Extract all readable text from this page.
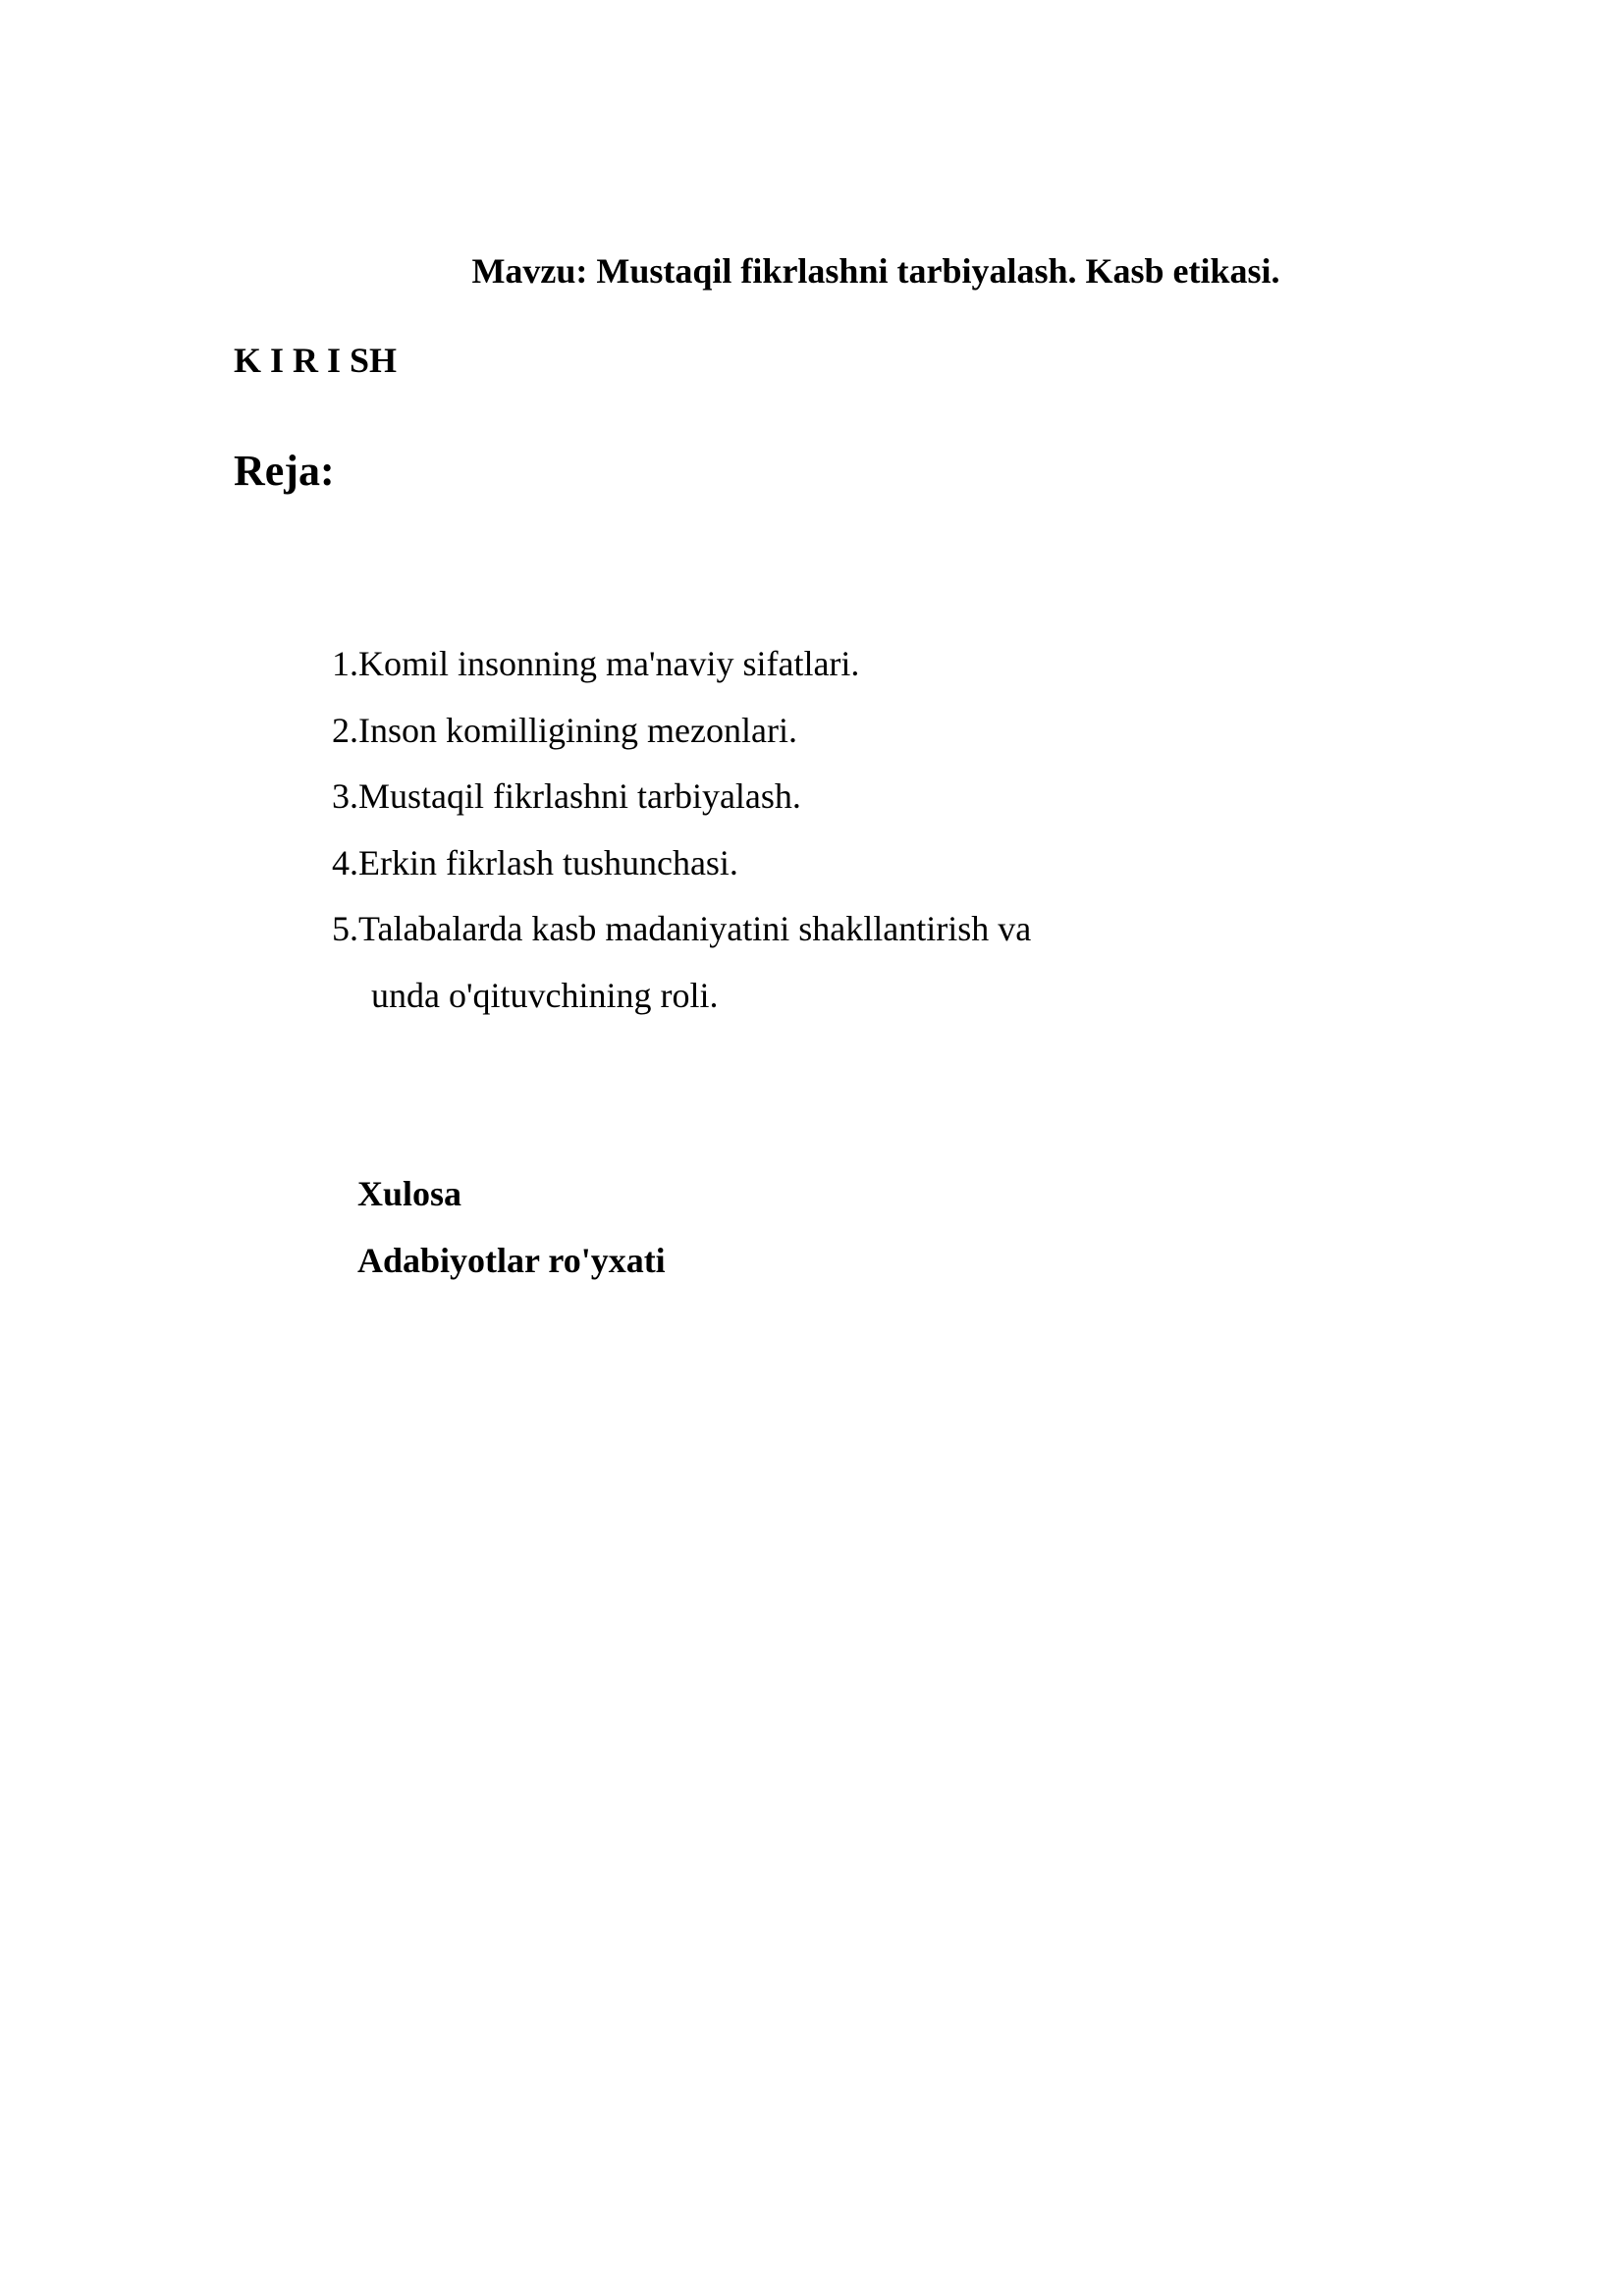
Mavzu: Mustaqil fikrlashni tarbiyalash. Kasb etikasi.
K I R I SH
Reja:
1.Komil insonning ma'naviy sifatlari.
2.Inson komilligining mezonlari.
3.Mustaqil fikrlashni tarbiyalash.
4.Erkin fikrlash tushunchasi.
5.Talabalarda kasb madaniyatini shakllantirish va
unda o'qituvchining roli.
Xulosa
Adabiyotlar ro'yxati
